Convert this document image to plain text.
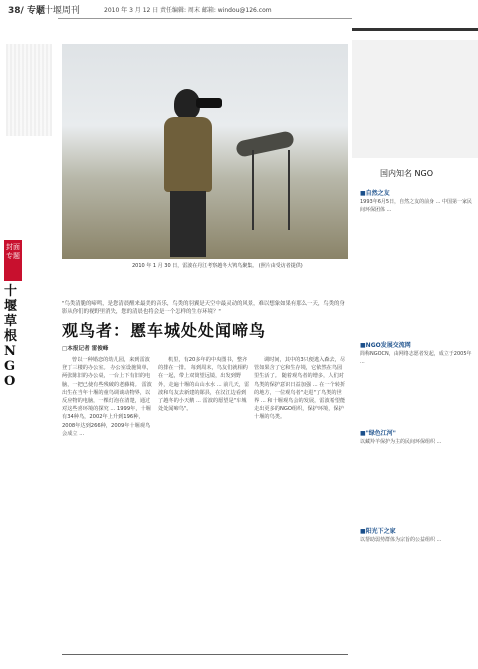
38/ 专题
| 十堰周刊	2010 年 3 月 12 日 责任编辑: 周末 邮箱: windou@126.com
封面专题
十堰草根NGO
2010 年 1 月 30 日，雷波在丹江考察越冬大鸨鸟聚集。 (照片由受访者提供)
国内知名 NGO
■自然之友
1993年6月5日，自然之友的前身 ... 中国第一家民间环保团体 ...
■NGO发展交流网
简称NGOCN，由网络志愿者发起，成立于2005年 ...
■"绿色江河"
以藏羚羊保护为主的民间环保组织 ...
■阳光下之家
以帮助弱势群体为宗旨的公益组织 ...
"鸟类清脆的啼鸣，是您清晨醒来最美的音乐，鸟类的羽翼是天空中最灵动的风景，难以想象如果有那么一天，鸟类的身影从你们的视野里消失，您的清晨也将会是一个怎样的生存环境？"
观鸟者：慝车城处处闻啼鸟
□本报记者 雷俊峰

曾以一种婚恋的幼儿园，来到雷波登丁三楼的办公室。 办公室设施简单，两张陈旧的办公桌，一台上下有旧的电脑，一把已使有些残破的老藤椅。 雷波出生在当年十堰的童鸟调谈动物界，以反应物的电脑，一棵灯泡在清楚，通过对这些喜环境的探究 ... 1999年，十堰有34种鸟，2002年上升到196种，2008年达到266种，2009年十堰观鸟会成立 ...

机里，有20多年的中央图书，整齐的排在一排。 每到周末，鸟友们就相约在一起，带上双筒望远镜，出发到野外，走遍十堰的山山水水 ... 前几天，雷波和鸟友去新建的郧县，在汉江边看到了越冬的小天鹅 ... 雷波的愿望是"车城处处闻啼鸟"。

调时间，其中的3只便逃入森去，尽管如果含了它和生存境，它依然在鸟园里生活了。 随着观鸟者的增多，人们对鸟类的保护意识日益加强 ... 在一个转折的地方，一位观鸟者"走进"了鸟类的世界 ... 和十堰观鸟会的发展，雷波希望能走出更多的NGO组织，保护环境，保护十堰的鸟类。
